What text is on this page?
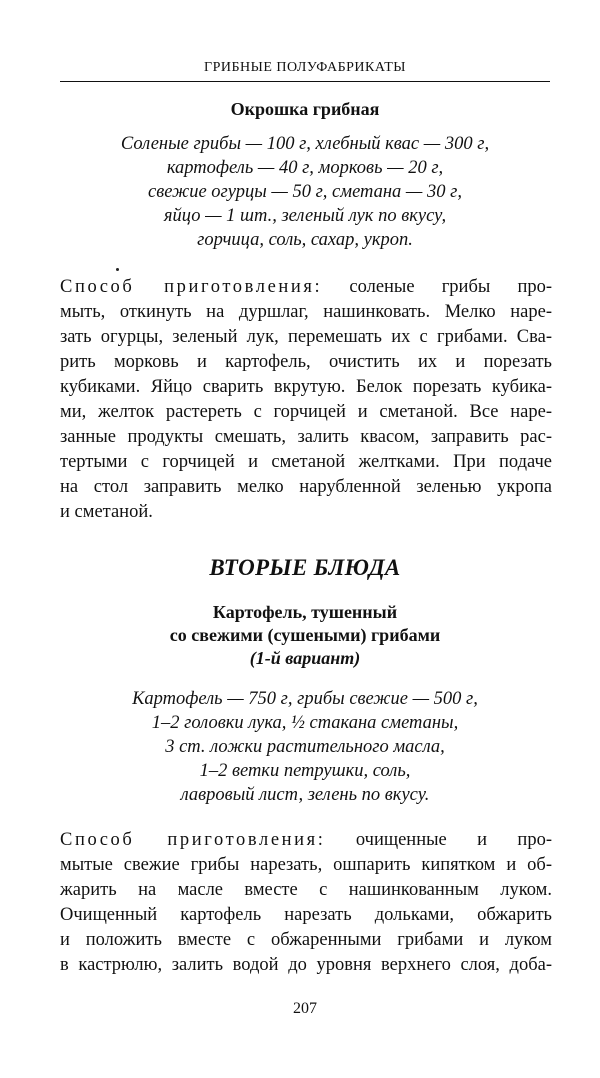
ГРИБНЫЕ ПОЛУФАБРИКАТЫ
Окрошка грибная
Соленые грибы — 100 г, хлебный квас — 300 г,
картофель — 40 г, морковь — 20 г,
свежие огурцы — 50 г, сметана — 30 г,
яйцо — 1 шт., зеленый лук по вкусу,
горчица, соль, сахар, укроп.
Способ приготовления: соленые грибы про-
мыть, откинуть на дуршлаг, нашинковать. Мелко наре-
зать огурцы, зеленый лук, перемешать их с грибами. Сва-
рить морковь и картофель, очистить их и порезать
кубиками. Яйцо сварить вкрутую. Белок порезать кубика-
ми, желток растереть с горчицей и сметаной. Все наре-
занные продукты смешать, залить квасом, заправить рас-
тертыми с горчицей и сметаной желтками. При подаче
на стол заправить мелко нарубленной зеленью укропа
и сметаной.
ВТОРЫЕ БЛЮДА
Картофель, тушенный
со свежими (сушеными) грибами
(1-й вариант)
Картофель — 750 г, грибы свежие — 500 г,
1–2 головки лука, ½ стакана сметаны,
3 ст. ложки растительного масла,
1–2 ветки петрушки, соль,
лавровый лист, зелень по вкусу.
Способ приготовления: очищенные и про-
мытые свежие грибы нарезать, ошпарить кипятком и об-
жарить на масле вместе с нашинкованным луком.
Очищенный картофель нарезать дольками, обжарить
и положить вместе с обжаренными грибами и луком
в кастрюлю, залить водой до уровня верхнего слоя, доба-
207
